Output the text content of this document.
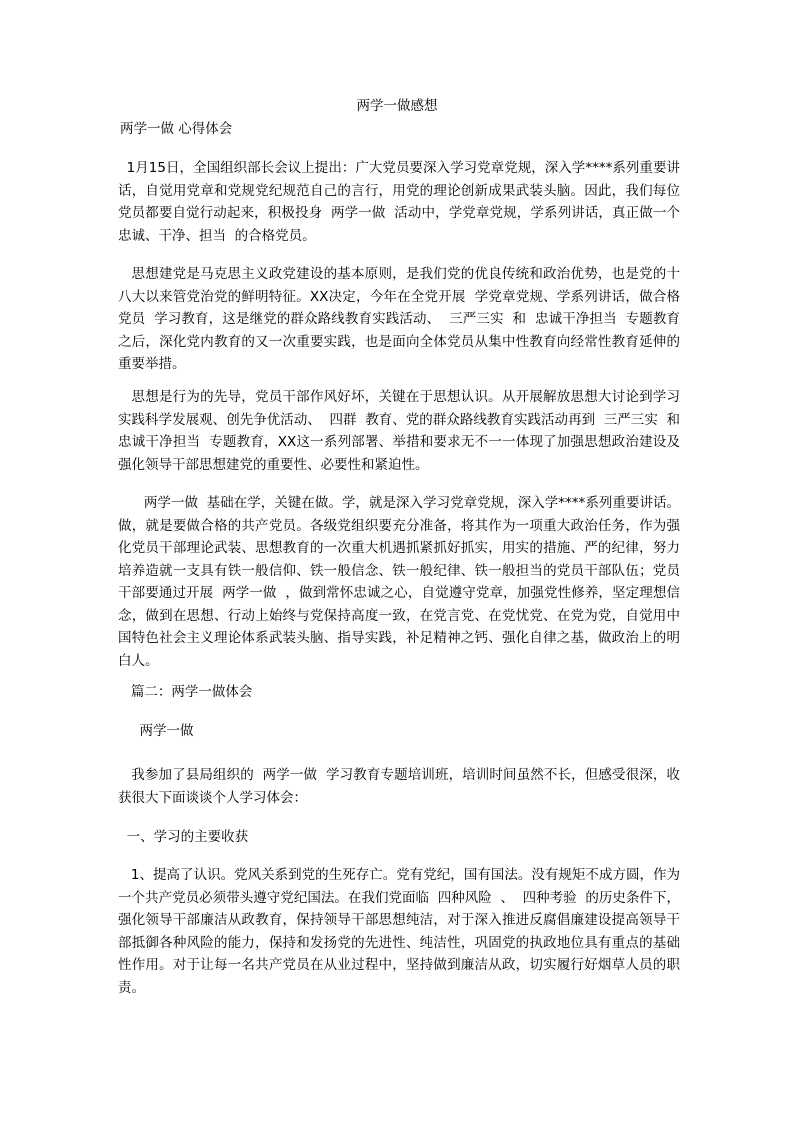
两学一做感想
两学一做 心得体会
1月15日，全国组织部长会议上提出：广大党员要深入学习党章党规，深入学****系列重要讲话，自觉用党章和党规党纪规范自己的言行，用党的理论创新成果武装头脑。因此，我们每位党员都要自觉行动起来，积极投身  两学一做  活动中，学党章党规，学系列讲话，真正做一个  忠诚、干净、担当  的合格党员。
思想建党是马克思主义政党建设的基本原则，是我们党的优良传统和政治优势，也是党的十八大以来管党治党的鲜明特征。XX决定，今年在全党开展  学党章党规、学系列讲话，做合格党员  学习教育，这是继党的群众路线教育实践活动、  三严三实  和  忠诚干净担当  专题教育之后，深化党内教育的又一次重要实践，也是面向全体党员从集中性教育向经常性教育延伸的重要举措。
思想是行为的先导，党员干部作风好坏，关键在于思想认识。从开展解放思想大讨论到学习实践科学发展观、创先争优活动、  四群  教育、党的群众路线教育实践活动再到  三严三实  和  忠诚干净担当  专题教育，XX这一系列部署、举措和要求无不一一体现了加强思想政治建设及强化领导干部思想建党的重要性、必要性和紧迫性。
两学一做  基础在学，关键在做。学，就是深入学习党章党规，深入学****系列重要讲话。做，就是要做合格的共产党员。各级党组织要充分准备，将其作为一项重大政治任务，作为强化党员干部理论武装、思想教育的一次重大机遇抓紧抓好抓实，用实的措施、严的纪律，努力培养造就一支具有铁一般信仰、铁一般信念、铁一般纪律、铁一般担当的党员干部队伍；党员干部要通过开展  两学一做  ，做到常怀忠诚之心，自觉遵守党章，加强党性修养，坚定理想信念，做到在思想、行动上始终与党保持高度一致，在党言党、在党忧党、在党为党，自觉用中国特色社会主义理论体系武装头脑、指导实践，补足精神之钙、强化自律之基，做政治上的明白人。
篇二：两学一做体会
两学一做
我参加了县局组织的  两学一做  学习教育专题培训班，培训时间虽然不长，但感受很深，收获很大下面谈谈个人学习体会：
一、学习的主要收获
1、提高了认识。党风关系到党的生死存亡。党有党纪，国有国法。没有规矩不成方圆，作为一个共产党员必须带头遵守党纪国法。在我们党面临  四种风险  、  四种考验  的历史条件下，强化领导干部廉洁从政教育，保持领导干部思想纯洁，对于深入推进反腐倡廉建设提高领导干部抵御各种风险的能力，保持和发扬党的先进性、纯洁性，巩固党的执政地位具有重点的基础性作用。对于让每一名共产党员在从业过程中，坚持做到廉洁从政，切实履行好烟草人员的职责。
